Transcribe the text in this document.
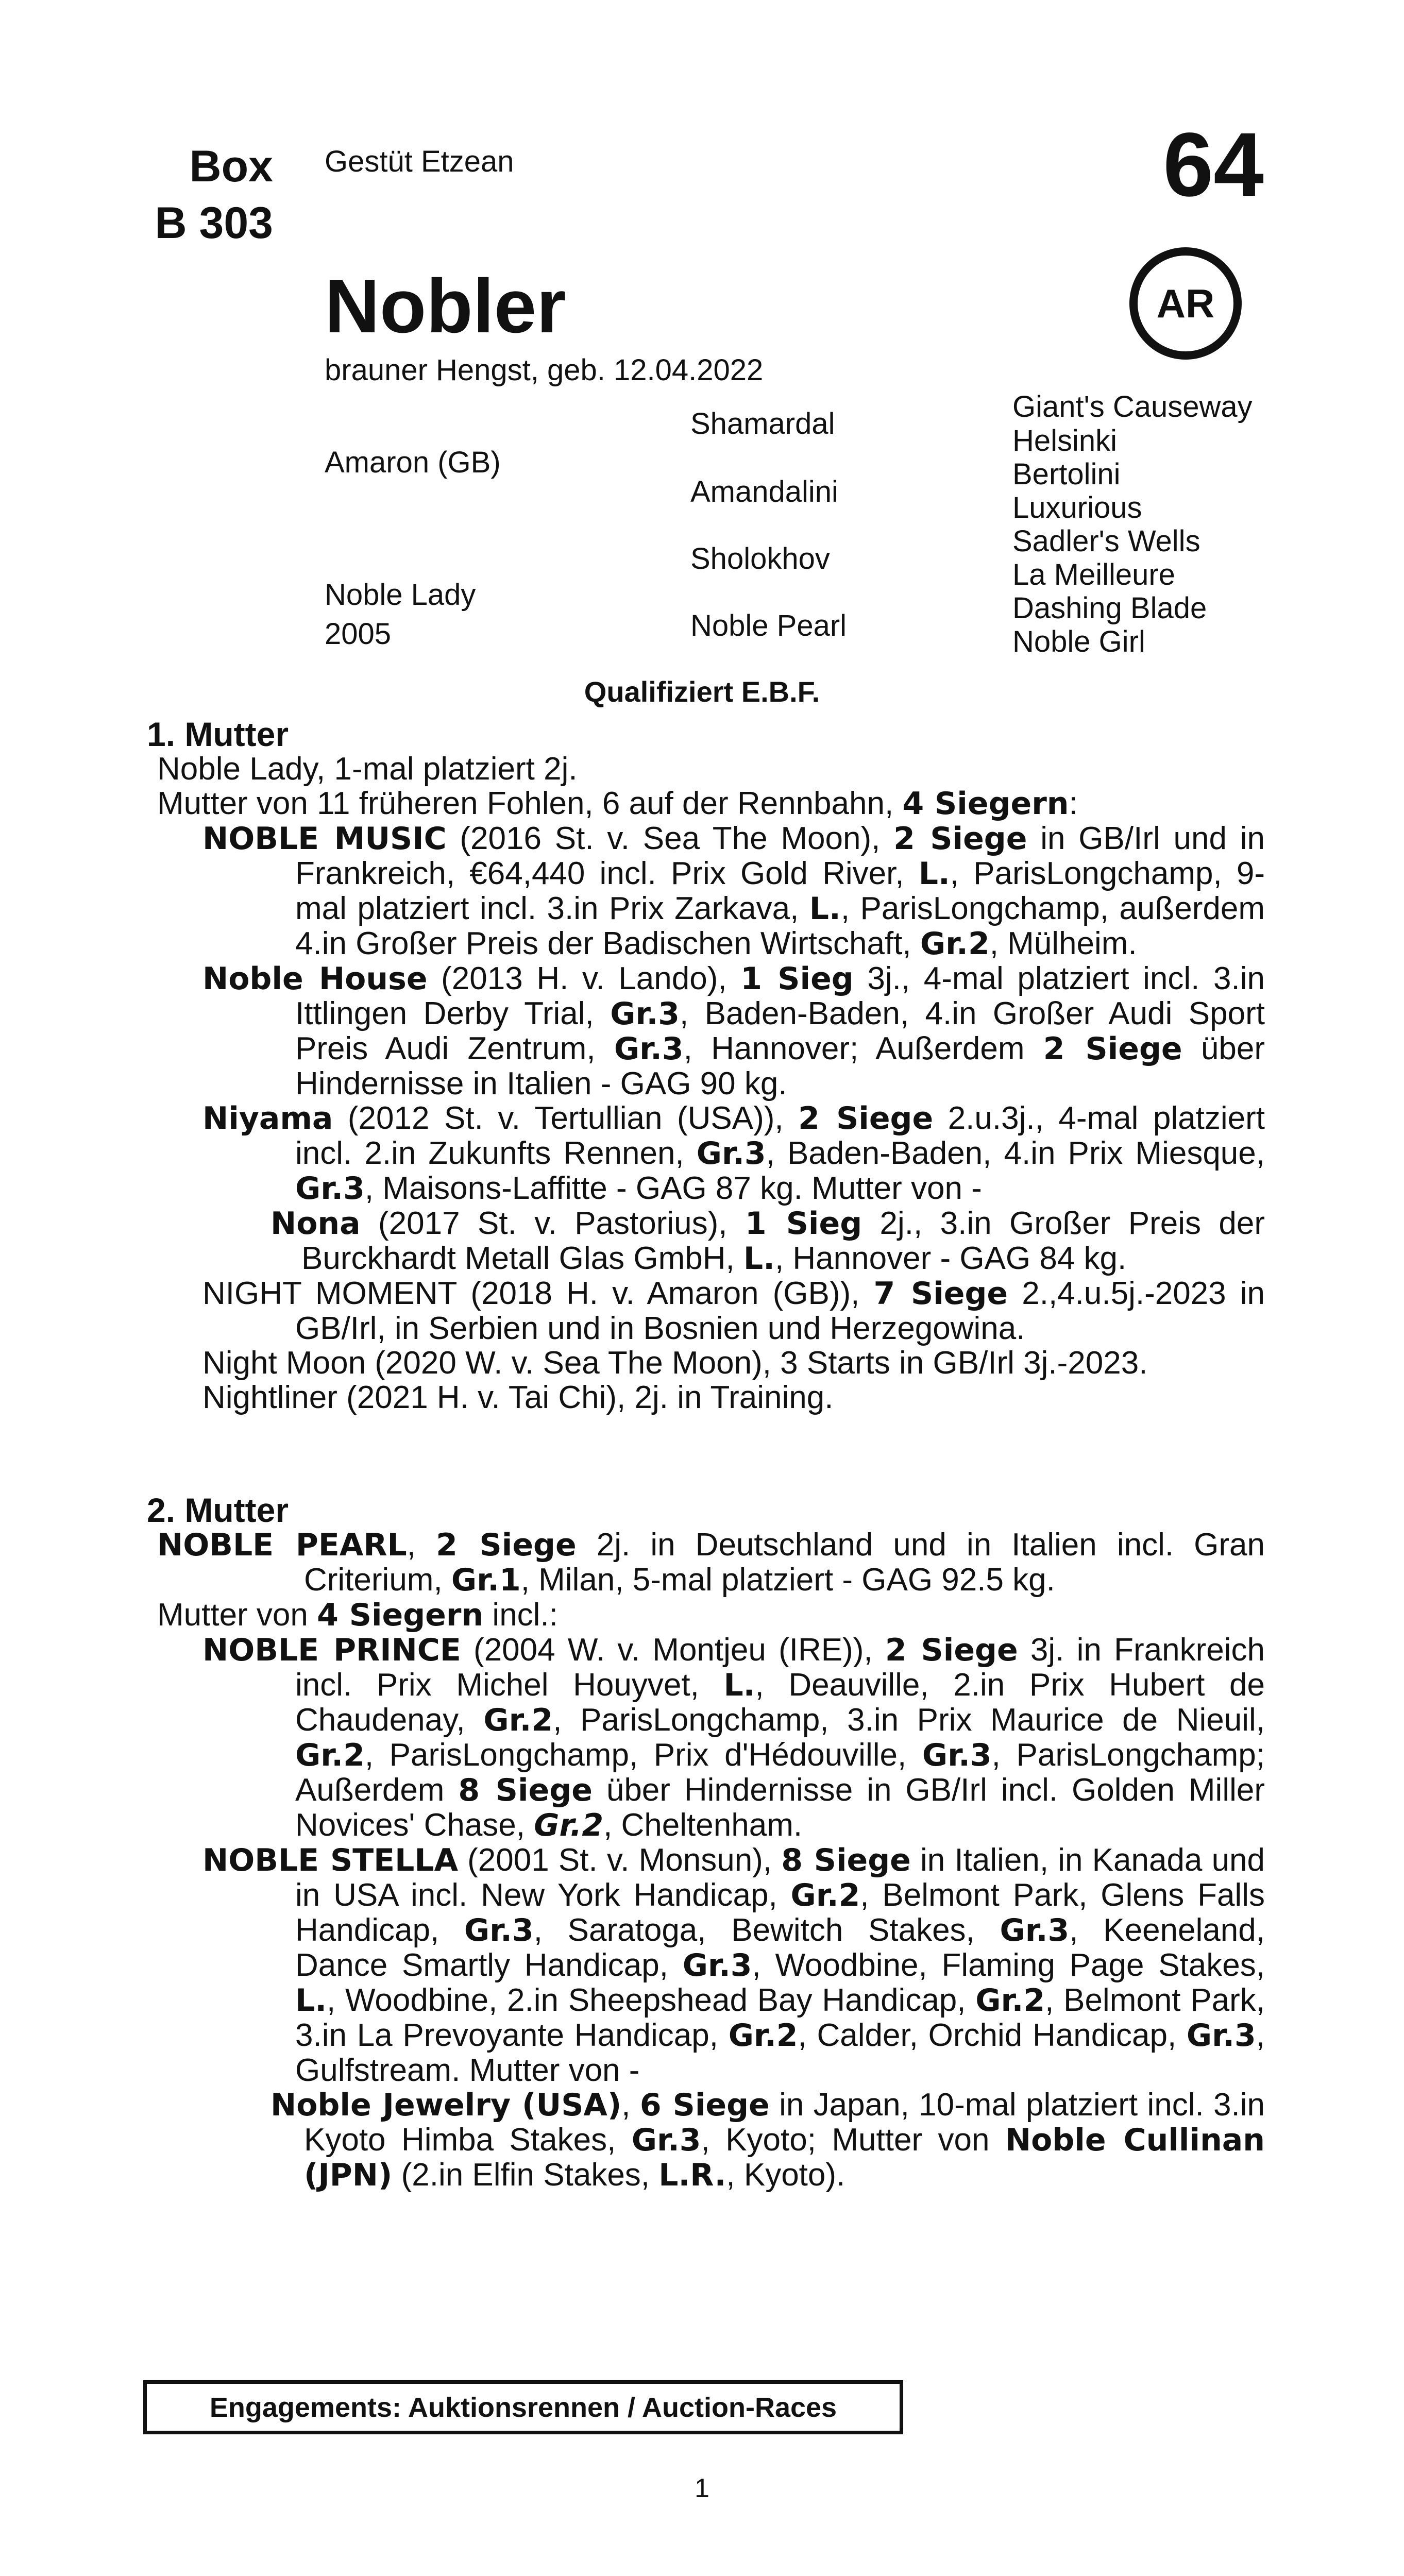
Box
B 303
Gestüt Etzean	64
AR
Nobler
brauner Hengst, geb. 12.04.2022
Amaron (GB)
Noble Lady
2005
Shamardal
Amandalini
Sholokhov
Noble Pearl
Giant's Causeway
Helsinki
Bertolini
Luxurious
Sadler's Wells
La Meilleure
Dashing Blade
Noble Girl
Qualifiziert E.B.F.

1. Mutter

Noble Lady, 1-mal platziert 2j.

Mutter von 11 früheren Fohlen, 6 auf der Rennbahn, 4 Siegern:

NOBLE MUSIC (2016 St. v. Sea The Moon), 2 Siege in GB/Irl und in Frankreich, €64,440 incl. Prix Gold River, L., ParisLongchamp, 9-mal platziert incl. 3.in Prix Zarkava, L., ParisLongchamp, außerdem 4.in Großer Preis der Badischen Wirtschaft, Gr.2, Mülheim.

Noble House (2013 H. v. Lando), 1 Sieg 3j., 4-mal platziert incl. 3.in Ittlingen Derby Trial, Gr.3, Baden-Baden, 4.in Großer Audi Sport Preis Audi Zentrum, Gr.3, Hannover; Außerdem 2 Siege über Hindernisse in Italien - GAG 90 kg.

Niyama (2012 St. v. Tertullian (USA)), 2 Siege 2.u.3j., 4-mal platziert incl. 2.in Zukunfts Rennen, Gr.3, Baden-Baden, 4.in Prix Miesque, Gr.3, Maisons-Laffitte - GAG 87 kg. Mutter von -

Nona (2017 St. v. Pastorius), 1 Sieg 2j., 3.in Großer Preis der Burckhardt Metall Glas GmbH, L., Hannover - GAG 84 kg.

NIGHT MOMENT (2018 H. v. Amaron (GB)), 7 Siege 2.,4.u.5j.-2023 in GB/Irl, in Serbien und in Bosnien und Herzegowina.

Night Moon (2020 W. v. Sea The Moon), 3 Starts in GB/Irl 3j.-2023.

Nightliner (2021 H. v. Tai Chi), 2j. in Training.

2. Mutter

NOBLE PEARL, 2 Siege 2j. in Deutschland und in Italien incl. Gran Criterium, Gr.1, Milan, 5-mal platziert - GAG 92.5 kg.

Mutter von 4 Siegern incl.:

NOBLE PRINCE (2004 W. v. Montjeu (IRE)), 2 Siege 3j. in Frankreich incl. Prix Michel Houyvet, L., Deauville, 2.in Prix Hubert de Chaudenay, Gr.2, ParisLongchamp, 3.in Prix Maurice de Nieuil, Gr.2, ParisLongchamp, Prix d'Hédouville, Gr.3, ParisLongchamp; Außerdem 8 Siege über Hindernisse in GB/Irl incl. Golden Miller Novices' Chase, Gr.2, Cheltenham.

NOBLE STELLA (2001 St. v. Monsun), 8 Siege in Italien, in Kanada und in USA incl. New York Handicap, Gr.2, Belmont Park, Glens Falls Handicap, Gr.3, Saratoga, Bewitch Stakes, Gr.3, Keeneland, Dance Smartly Handicap, Gr.3, Woodbine, Flaming Page Stakes, L., Woodbine, 2.in Sheepshead Bay Handicap, Gr.2, Belmont Park, 3.in La Prevoyante Handicap, Gr.2, Calder, Orchid Handicap, Gr.3, Gulfstream. Mutter von -

Noble Jewelry (USA), 6 Siege in Japan, 10-mal platziert incl. 3.in Kyoto Himba Stakes, Gr.3, Kyoto; Mutter von Noble Cullinan (JPN) (2.in Elfin Stakes, L.R., Kyoto).

Engagements: Auktionsrennen / Auction-Races
1
